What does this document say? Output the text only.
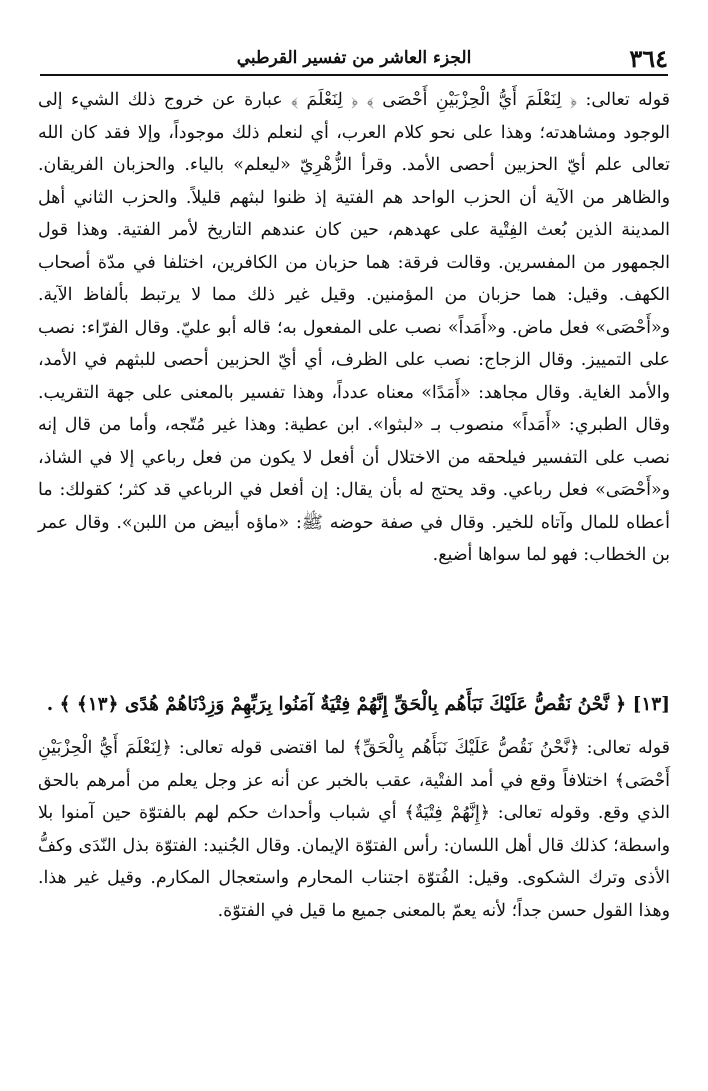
٣٦٤
الجزء العاشر من تفسير القرطبي

قوله تعالى: ﴿ لِنَعْلَمَ أَيُّ الْحِزْبَيْنِ أَحْصَى ﴾ ﴿ لِنَعْلَمَ ﴾ عبارة عن خروج ذلك الشيء إلى الوجود ومشاهدته؛ وهذا على نحو كلام العرب، أي لنعلم ذلك موجوداً، وإلا فقد كان الله تعالى علم أيّ الحزبين أحصى الأمد. وقرأ الزُّهْرِيّ «ليعلم» بالياء. والحزبان الفريقان. والظاهر من الآية أن الحزب الواحد هم الفتية إذ ظنوا لبثهم قليلاً. والحزب الثاني أهل المدينة الذين بُعث الفِتْية على عهدهم، حين كان عندهم التاريخ لأمر الفتية. وهذا قول الجمهور من المفسرين. وقالت فرقة: هما حزبان من الكافرين، اختلفا في مدّة أصحاب الكهف. وقيل: هما حزبان من المؤمنين. وقيل غير ذلك مما لا يرتبط بألفاظ الآية. و«أَحْصَى» فعل ماض. و«أَمَداً» نصب على المفعول به؛ قاله أبو عليّ. وقال الفرّاء: نصب على التمييز. وقال الزجاج: نصب على الظرف، أي أيّ الحزبين أحصى للبثهم في الأمد، والأمد الغاية. وقال مجاهد: «أَمَدًا» معناه عدداً، وهذا تفسير بالمعنى على جهة التقريب. وقال الطبري: «أَمَداً» منصوب بـ «لبثوا». ابن عطية: وهذا غير مُتّجه، وأما من قال إنه نصب على التفسير فيلحقه من الاختلال أن أفعل لا يكون من فعل رباعي إلا في الشاذ، و«أَحْصَى» فعل رباعي. وقد يحتج له بأن يقال: إن أفعل في الرباعي قد كثر؛ كقولك: ما أعطاه للمال وآتاه للخير. وقال في صفة حوضه ﷺ: «ماؤه أبيض من اللبن». وقال عمر بن الخطاب: فهو لما سواها أضيع.

[١٣] ﴿ نَّحْنُ نَقُصُّ عَلَيْكَ نَبَأَهُم بِالْحَقِّ إِنَّهُمْ فِتْيَةٌ آمَنُوا بِرَبِّهِمْ وَزِدْنَاهُمْ هُدًى ﴿١٣﴾ ﴾ .

قوله تعالى: ﴿نَّحْنُ نَقُصُّ عَلَيْكَ نَبَأَهُم بِالْحَقِّ﴾ لما اقتضى قوله تعالى: ﴿لِنَعْلَمَ أَيُّ الْحِزْبَيْنِ أَحْصَى﴾ اختلافاً وقع في أمد الفتْية، عقب بالخبر عن أنه عز وجل يعلم من أمرهم بالحق الذي وقع. وقوله تعالى: ﴿إِنَّهُمْ فِتْيَةٌ﴾ أي شباب وأحداث حكم لهم بالفتوّة حين آمنوا بلا واسطة؛ كذلك قال أهل اللسان: رأس الفتوّة الإيمان. وقال الجُنيد: الفتوّة بذل النّدَى وكفُّ الأذى وترك الشكوى. وقيل: الفُتوّة اجتناب المحارم واستعجال المكارم. وقيل غير هذا. وهذا القول حسن جداً؛ لأنه يعمّ بالمعنى جميع ما قيل في الفتوّة.
